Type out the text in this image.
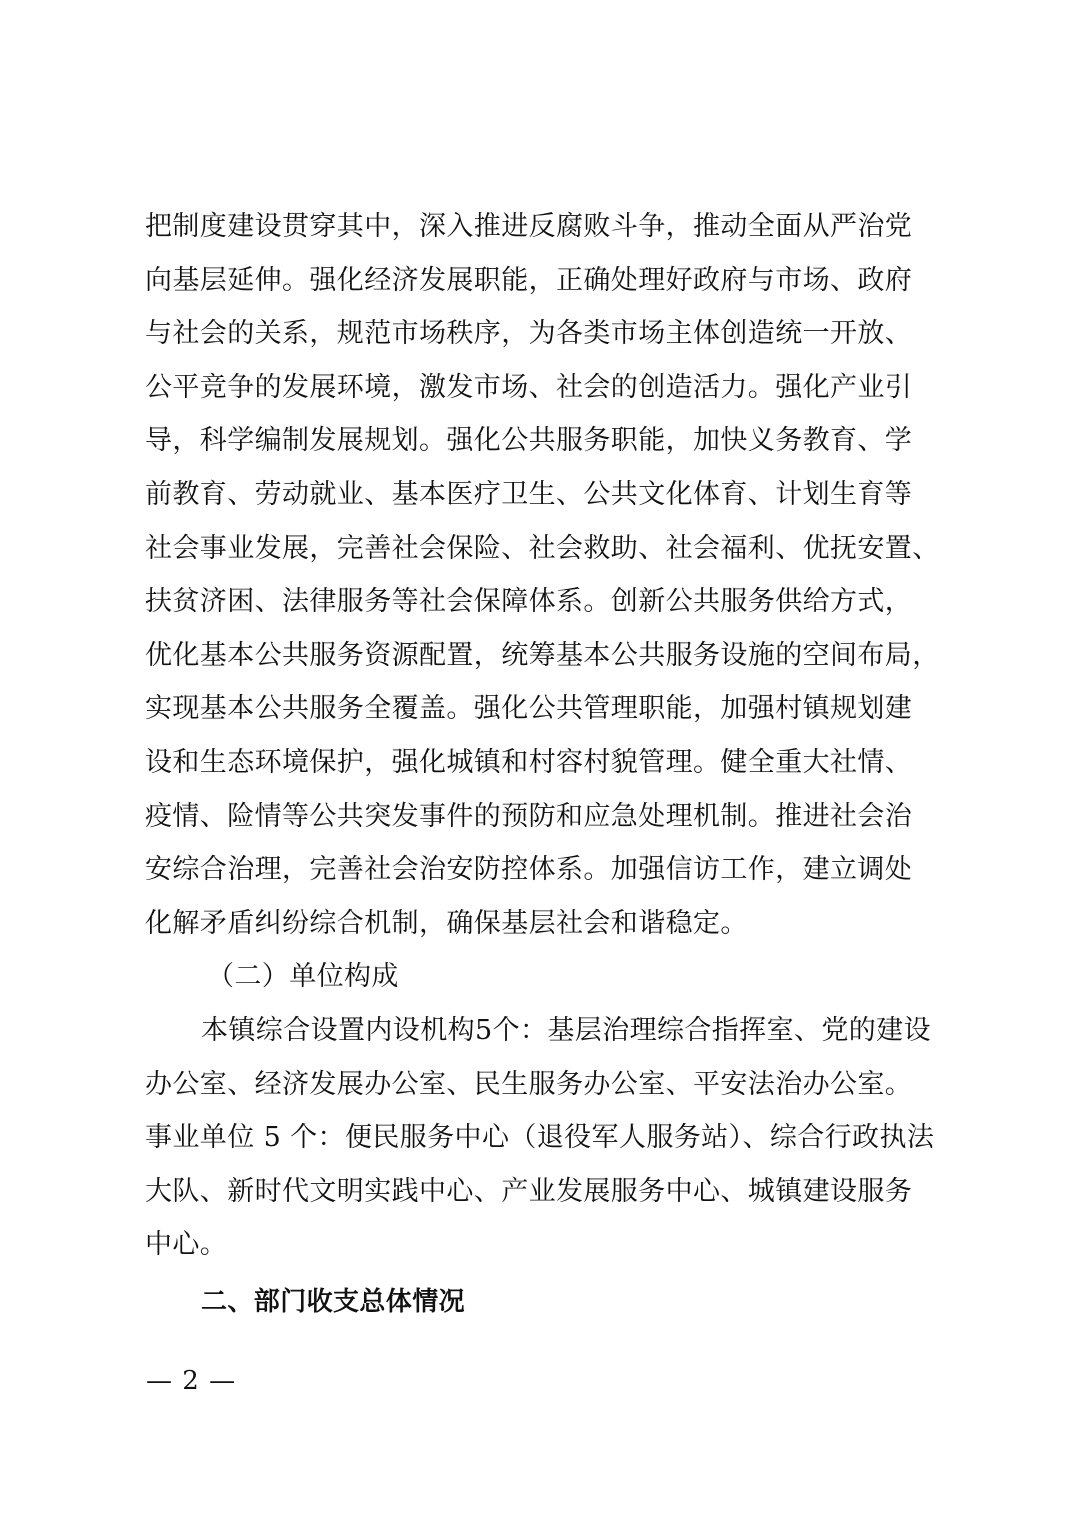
把制度建设贯穿其中，深入推进反腐败斗争，推动全面从严治党
向基层延伸。强化经济发展职能，正确处理好政府与市场、政府
与社会的关系，规范市场秩序，为各类市场主体创造统一开放、
公平竞争的发展环境，激发市场、社会的创造活力。强化产业引
导，科学编制发展规划。强化公共服务职能，加快义务教育、学
前教育、劳动就业、基本医疗卫生、公共文化体育、计划生育等
社会事业发展，完善社会保险、社会救助、社会福利、优抚安置、
扶贫济困、法律服务等社会保障体系。创新公共服务供给方式，
优化基本公共服务资源配置，统筹基本公共服务设施的空间布局，
实现基本公共服务全覆盖。强化公共管理职能，加强村镇规划建
设和生态环境保护，强化城镇和村容村貌管理。健全重大社情、
疫情、险情等公共突发事件的预防和应急处理机制。推进社会治
安综合治理，完善社会治安防控体系。加强信访工作，建立调处
化解矛盾纠纷综合机制，确保基层社会和谐稳定。
（二）单位构成
本镇综合设置内设机构5个：基层治理综合指挥室、党的建设
办公室、经济发展办公室、民生服务办公室、平安法治办公室。
事业单位 5 个：便民服务中心（退役军人服务站）、综合行政执法
大队、新时代文明实践中心、产业发展服务中心、城镇建设服务
中心。
二、部门收支总体情况
— 2 —
